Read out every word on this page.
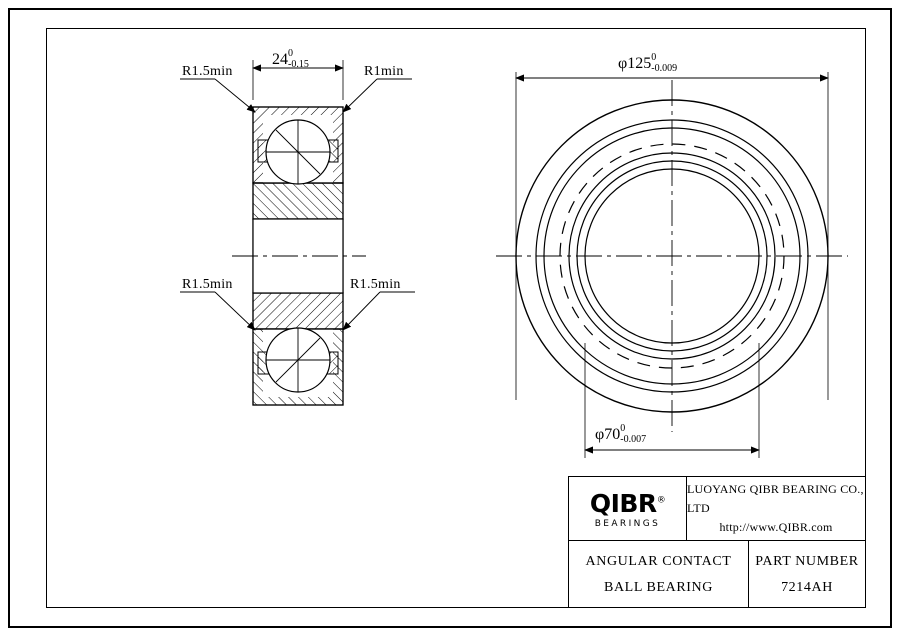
R1.5min	R1min
R1.5min	R1.5min
24 0
-0.15	φ125 0
-0.009
φ70 0
-0.007
QIBR®
BEARINGS
LUOYANG QIBR BEARING CO., LTD
http://www.QIBR.com
ANGULAR CONTACT
BALL BEARING
PART NUMBER
7214AH
